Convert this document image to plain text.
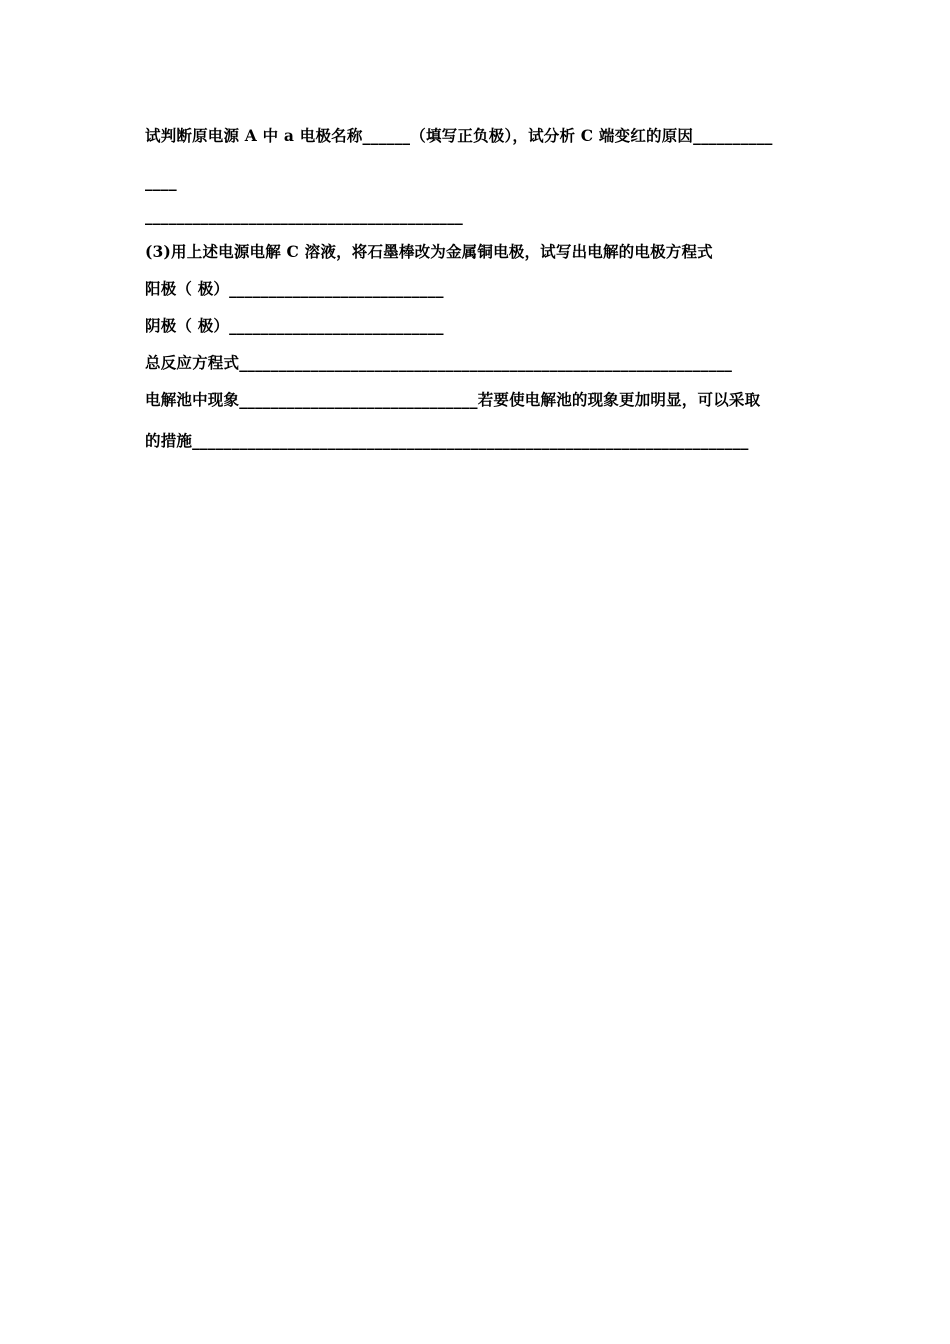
试判断原电源 A 中 a 电极名称______（填写正负极），试分析 C 端变红的原因__________
____
________________________________________
(3)用上述电源电解 C 溶液，将石墨棒改为金属铜电极，试写出电解的电极方程式
阳极（ 极）___________________________
阴极（ 极）___________________________
总反应方程式______________________________________________________________
电解池中现象______________________________若要使电解池的现象更加明显，可以采取
的措施______________________________________________________________________
